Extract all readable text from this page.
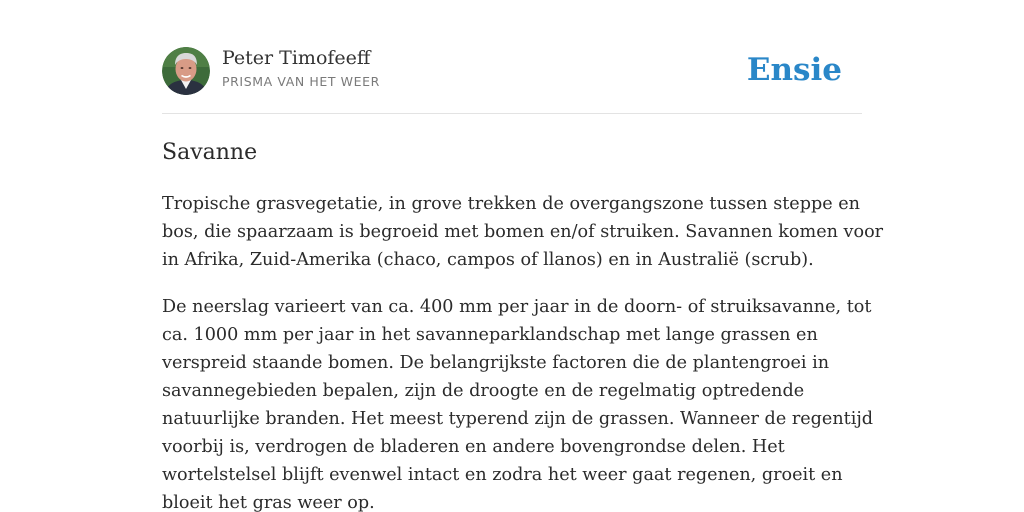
Peter Timofeeff
PRISMA VAN HET WEER	Ensie
Savanne

Tropische grasvegetatie, in grove trekken de overgangszone tussen steppe en
bos, die spaarzaam is begroeid met bomen en/of struiken. Savannen komen voor
in Afrika, Zuid-Amerika (chaco, campos of llanos) en in Australië (scrub).

De neerslag varieert van ca. 400 mm per jaar in de doorn- of struiksavanne, tot
ca. 1000 mm per jaar in het savanneparklandschap met lange grassen en
verspreid staande bomen. De belangrijkste factoren die de plantengroei in
savannegebieden bepalen, zijn de droogte en de regelmatig optredende
natuurlijke branden. Het meest typerend zijn de grassen. Wanneer de regentijd
voorbij is, verdrogen de bladeren en andere bovengrondse delen. Het
wortelstelsel blijft evenwel intact en zodra het weer gaat regenen, groeit en
bloeit het gras weer op.
